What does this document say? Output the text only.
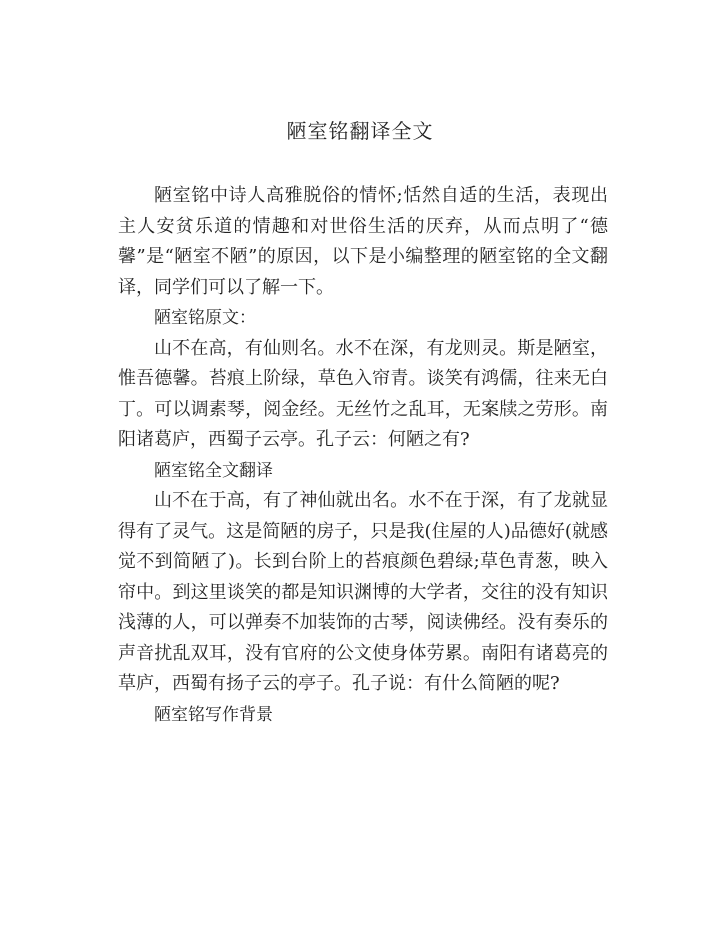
陋室铭翻译全文

陋室铭中诗人高雅脱俗的情怀;恬然自适的生活，表现出主人安贫乐道的情趣和对世俗生活的厌弃，从而点明了“德馨”是“陋室不陋”的原因，以下是小编整理的陋室铭的全文翻译，同学们可以了解一下。

陋室铭原文：

山不在高，有仙则名。水不在深，有龙则灵。斯是陋室，惟吾德馨。苔痕上阶绿，草色入帘青。谈笑有鸿儒，往来无白丁。可以调素琴，阅金经。无丝竹之乱耳，无案牍之劳形。南阳诸葛庐，西蜀子云亭。孔子云：何陋之有?

陋室铭全文翻译

山不在于高，有了神仙就出名。水不在于深，有了龙就显得有了灵气。这是简陋的房子，只是我(住屋的人)品德好(就感觉不到简陋了)。长到台阶上的苔痕颜色碧绿;草色青葱，映入帘中。到这里谈笑的都是知识渊博的大学者，交往的没有知识浅薄的人，可以弹奏不加装饰的古琴，阅读佛经。没有奏乐的声音扰乱双耳，没有官府的公文使身体劳累。南阳有诸葛亮的草庐，西蜀有扬子云的亭子。孔子说：有什么简陋的呢?

陋室铭写作背景
